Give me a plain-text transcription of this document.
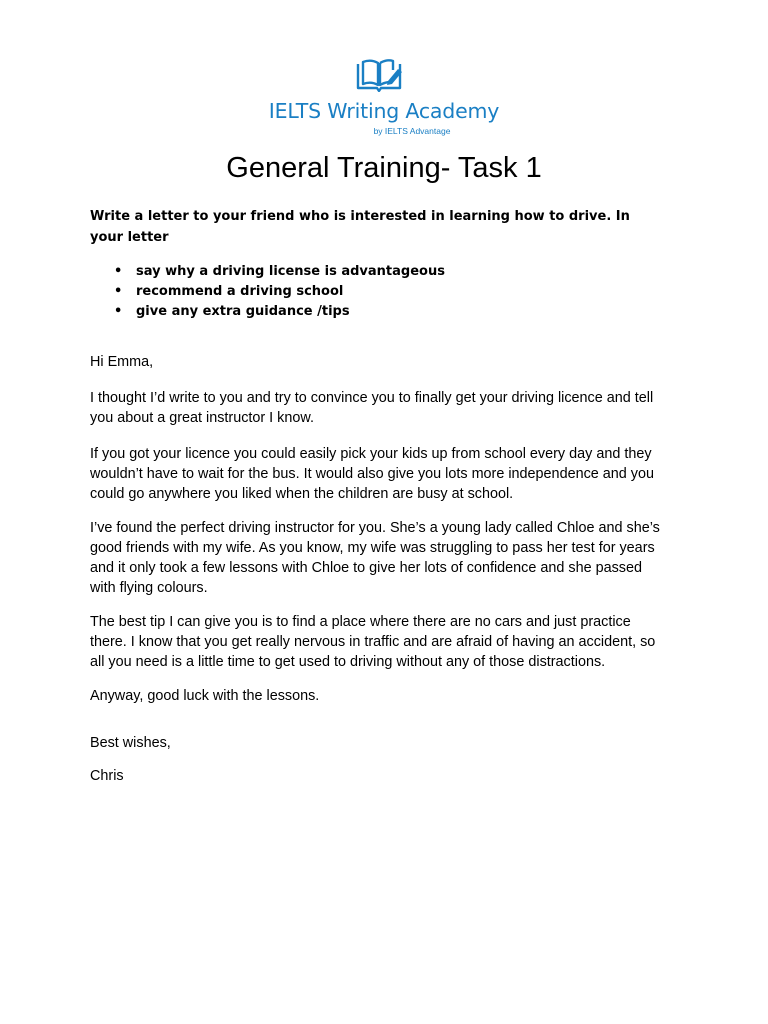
IELTS Writing Academy
by IELTS Advantage
General Training- Task 1

Write a letter to your friend who is interested in learning how to drive. In your letter

• say why a driving license is advantageous
• recommend a driving school
• give any extra guidance /tips

Hi Emma,

I thought I’d write to you and try to convince you to finally get your driving licence and tell you about a great instructor I know.

If you got your licence you could easily pick your kids up from school every day and they wouldn’t have to wait for the bus. It would also give you lots more independence and you could go anywhere you liked when the children are busy at school.

I’ve found the perfect driving instructor for you. She’s a young lady called Chloe and she’s good friends with my wife. As you know, my wife was struggling to pass her test for years and it only took a few lessons with Chloe to give her lots of confidence and she passed with flying colours.

The best tip I can give you is to find a place where there are no cars and just practice there. I know that you get really nervous in traffic and are afraid of having an accident, so all you need is a little time to get used to driving without any of those distractions.

Anyway, good luck with the lessons.

Best wishes,

Chris
